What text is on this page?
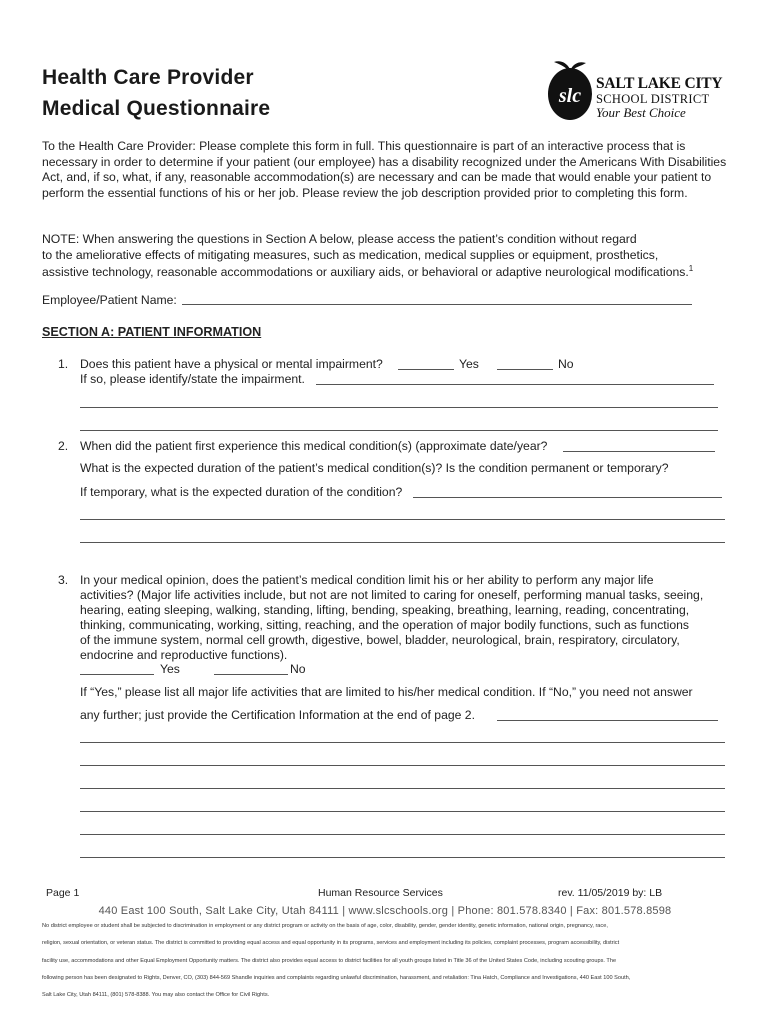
Health Care Provider
Medical Questionnaire
slc
SALT LAKE CITY
SCHOOL DISTRICT
Your Best Choice
To the Health Care Provider: Please complete this form in full. This questionnaire is part of an interactive process that is necessary in order to determine if your patient (our employee) has a disability recognized under the Americans With Disabilities Act, and, if so, what, if any, reasonable accommodation(s) are necessary and can be made that would enable your patient to perform the essential functions of his or her job. Please review the job description provided prior to completing this form.
NOTE: When answering the questions in Section A below, please access the patient’s condition without regard
to the ameliorative effects of mitigating measures, such as medication, medical supplies or equipment, prosthetics,
assistive technology, reasonable accommodations or auxiliary aids, or behavioral or adaptive neurological modifications.$^1$
Employee/Patient Name:
SECTION A: PATIENT INFORMATION
1. Does this patient have a physical or mental impairment?	Yes	No
If so, please identify/state the impairment.
2. When did the patient first experience this medical condition(s) (approximate date/year?
What is the expected duration of the patient’s medical condition(s)? Is the condition permanent or temporary?
If temporary, what is the expected duration of the condition?
3. In your medical opinion, does the patient’s medical condition limit his or her ability to perform any major life
activities? (Major life activities include, but not are not limited to caring for oneself, performing manual tasks, seeing,
hearing, eating sleeping, walking, standing, lifting, bending, speaking, breathing, learning, reading, concentrating,
thinking, communicating, working, sitting, reaching, and the operation of major bodily functions, such as functions
of the immune system, normal cell growth, digestive, bowel, bladder, neurological, brain, respiratory, circulatory,
endocrine and reproductive functions).
Yes	No
If “Yes,” please list all major life activities that are limited to his/her medical condition. If “No,” you need not answer
any further; just provide the Certification Information at the end of page 2.
Page 1	Human Resource Services	rev. 11/05/2019 by: LB
440 East 100 South, Salt Lake City, Utah 84111 | www.slcschools.org | Phone: 801.578.8340 | Fax: 801.578.8598
No district employee or student shall be subjected to discrimination in employment or any district program or activity on the basis of age, color, disability, gender, gender identity, genetic information, national origin, pregnancy, race,
religion, sexual orientation, or veteran status. The district is committed to providing equal access and equal opportunity in its programs, services and employment including its policies, complaint processes, program accessibility, district
facility use, accommodations and other Equal Employment Opportunity matters. The district also provides equal access to district facilities for all youth groups listed in Title 36 of the United States Code, including scouting groups. The
following person has been designated to Rights, Denver, CO, (303) 844-569 Shandle inquiries and complaints regarding unlawful discrimination, harassment, and retaliation: Tina Hatch, Compliance and Investigations, 440 East 100 South,
Salt Lake City, Utah 84111, (801) 578-8388. You may also contact the Office for Civil Rights.
